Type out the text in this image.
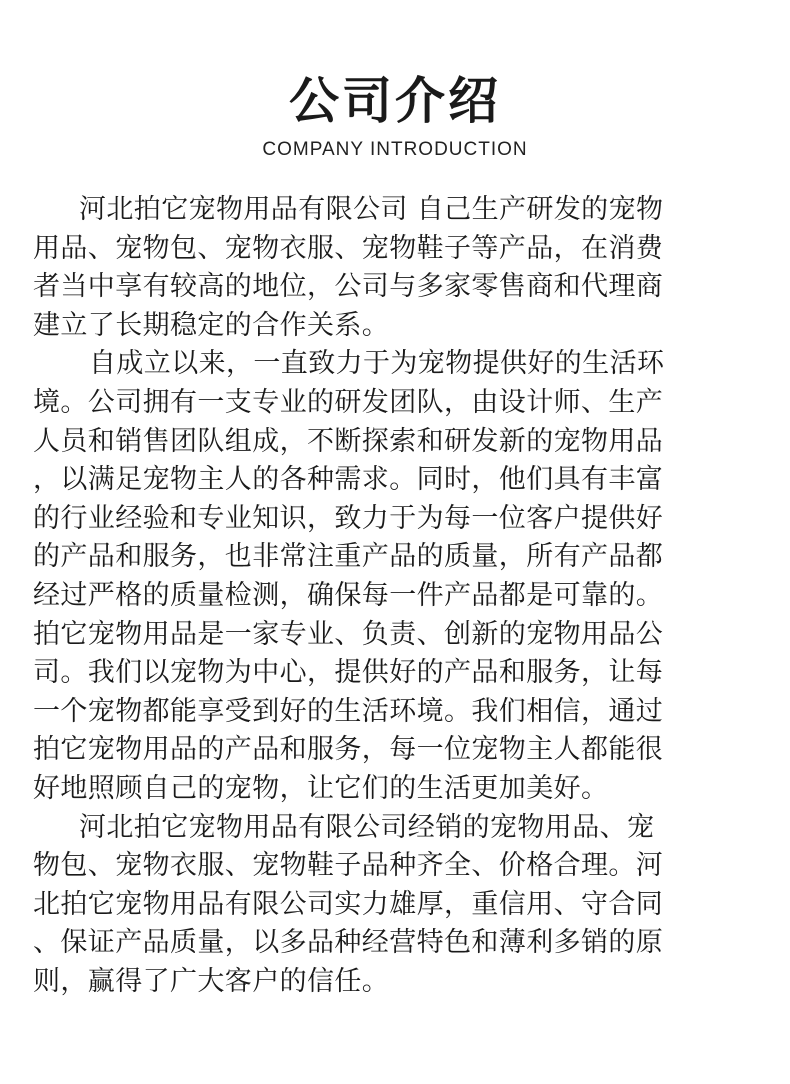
公司介绍
COMPANY INTRODUCTION
河北拍它宠物用品有限公司 自己生产研发的宠物
用品、宠物包、宠物衣服、宠物鞋子等产品，在消费
者当中享有较高的地位，公司与多家零售商和代理商
建立了长期稳定的合作关系。
自成立以来，一直致力于为宠物提供好的生活环
境。公司拥有一支专业的研发团队，由设计师、生产
人员和销售团队组成，不断探索和研发新的宠物用品
，以满足宠物主人的各种需求。同时，他们具有丰富
的行业经验和专业知识，致力于为每一位客户提供好
的产品和服务，也非常注重产品的质量，所有产品都
经过严格的质量检测，确保每一件产品都是可靠的。
拍它宠物用品是一家专业、负责、创新的宠物用品公
司。我们以宠物为中心，提供好的产品和服务，让每
一个宠物都能享受到好的生活环境。我们相信，通过
拍它宠物用品的产品和服务，每一位宠物主人都能很
好地照顾自己的宠物，让它们的生活更加美好。
河北拍它宠物用品有限公司经销的宠物用品、宠
物包、宠物衣服、宠物鞋子品种齐全、价格合理。河
北拍它宠物用品有限公司实力雄厚，重信用、守合同
、保证产品质量，以多品种经营特色和薄利多销的原
则，赢得了广大客户的信任。
